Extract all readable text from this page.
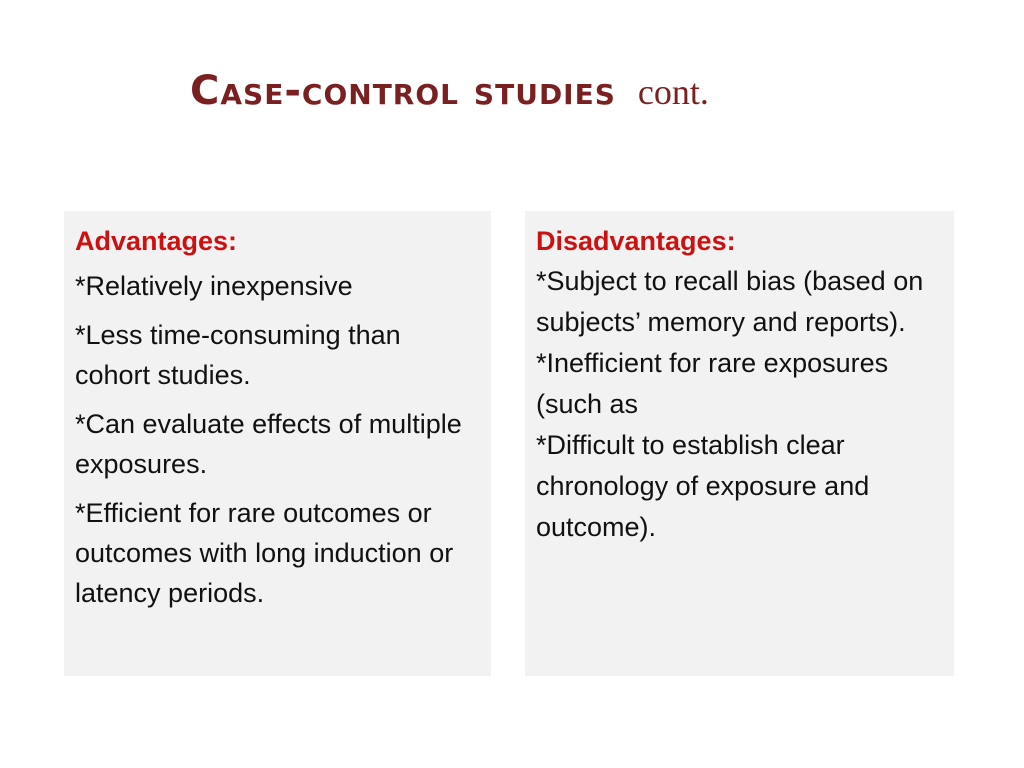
Case-control studies cont.
Advantages:
*Relatively inexpensive
*Less time-consuming than cohort studies.
*Can evaluate effects of multiple exposures.
*Efficient for rare outcomes or outcomes with long induction or latency periods.
Disadvantages:
*Subject to recall bias (based on subjects’ memory and reports).
*Inefficient for rare exposures (such as
*Difficult to establish clear chronology of exposure and outcome).
